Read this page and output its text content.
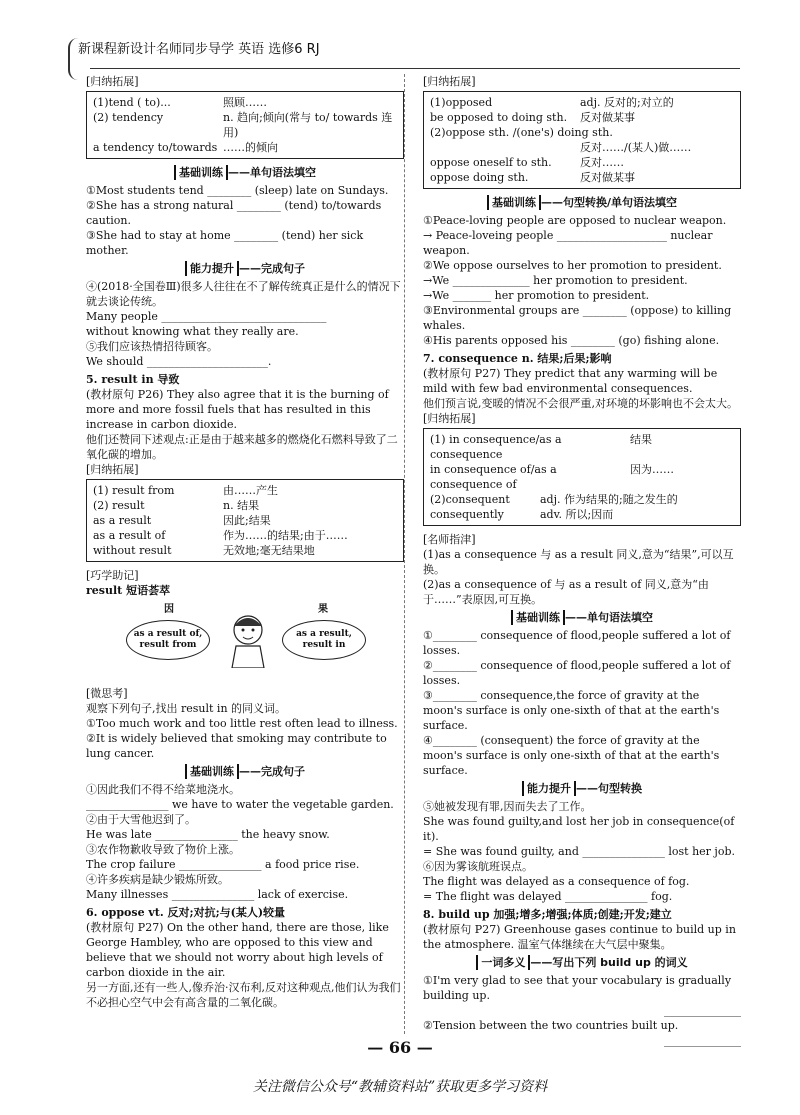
新课程新设计名师同步导学 英语 选修6 RJ
[归纳拓展]
(1)tend ( to)...	照顾……
(2) tendency	n. 趋向;倾向(常与 to/ towards 连用)
a tendency to/towards ……的倾向
基础训练 ——单句语法填空

①Most students tend ________ (sleep) late on Sundays.

②She has a strong natural ________ (tend) to/towards caution.

③She had to stay at home ________ (tend) her sick mother.

能力提升 ——完成句子

④(2018·全国卷Ⅲ)很多人往往在不了解传统真正是什么的情况下就去谈论传统。

Many people ______________________________

without knowing what they really are.

⑤我们应该热情招待顾客。

We should ______________________.

5. result in 导致

(教材原句 P26) They also agree that it is the burning of more and more fossil fuels that has resulted in this increase in carbon dioxide.

他们还赞同下述观点:正是由于越来越多的燃烧化石燃料导致了二氧化碳的增加。

[归纳拓展]
(1) result from	由……产生
(2) result	n. 结果
as a result	因此;结果
as a result of	作为……的结果;由于……
without result	无效地;毫无结果地
[巧学助记]

result 短语荟萃

因	果
as a result of, result from
as a result, result in
[微思考]

观察下列句子,找出 result in 的同义词。

①Too much work and too little rest often lead to illness.

②It is widely believed that smoking may contribute to lung cancer.

基础训练 ——完成句子

①因此我们不得不给菜地浇水。

_______________ we have to water the vegetable garden.

②由于大雪他迟到了。

He was late _______________ the heavy snow.

③农作物歉收导致了物价上涨。

The crop failure _______________ a food price rise.

④许多疾病是缺少锻炼所致。

Many illnesses _______________ lack of exercise.

6. oppose vt. 反对;对抗;与(某人)较量

(教材原句 P27) On the other hand, there are those, like George Hambley, who are opposed to this view and believe that we should not worry about high levels of carbon dioxide in the air.

另一方面,还有一些人,像乔治·汉布利,反对这种观点,他们认为我们不必担心空气中会有高含量的二氧化碳。

[归纳拓展]
(1)opposed	adj. 反对的;对立的
be opposed to doing sth.	反对做某事
(2)oppose sth. /(one's) doing sth.
反对……/(某人)做……
oppose oneself to sth.	反对……
oppose doing sth.	反对做某事
基础训练 ——句型转换/单句语法填空

①Peace-loving people are opposed to nuclear weapon.

→ Peace-loveing people ____________________ nuclear weapon.

②We oppose ourselves to her promotion to president.

→We ______________ her promotion to president.

→We _______ her promotion to president.

③Environmental groups are ________ (oppose) to killing whales.

④His parents opposed his ________ (go) fishing alone.

7. consequence n. 结果;后果;影响

(教材原句 P27) They predict that any warming will be mild with few bad environmental consequences.

他们预言说,变暖的情况不会很严重,对环境的坏影响也不会太大。

[归纳拓展]
(1) in consequence/as a consequence
结果
in consequence of/as a consequence of
因为……
(2)consequent	adj. 作为结果的;随之发生的
consequently	adv. 所以;因而
[名师指津]

(1)as a consequence 与 as a result 同义,意为“结果”,可以互换。

(2)as a consequence of 与 as a result of 同义,意为“由于……”表原因,可互换。

基础训练 ——单句语法填空

①________ consequence of flood,people suffered a lot of losses.

②________ consequence of flood,people suffered a lot of losses.

③________ consequence,the force of gravity at the moon's surface is only one-sixth of that at the earth's surface.

④________ (consequent) the force of gravity at the moon's surface is only one-sixth of that at the earth's surface.

能力提升 ——句型转换

⑤她被发现有罪,因而失去了工作。

She was found guilty,and lost her job in consequence(of it).

= She was found guilty, and _______________ lost her job.

⑥因为雾该航班误点。

The flight was delayed as a consequence of fog.

= The flight was delayed _______________ fog.

8. build up 加强;增多;增强;体质;创建;开发;建立

(教材原句 P27) Greenhouse gases continue to build up in the atmosphere. 温室气体继续在大气层中聚集。

一词多义 ——写出下列 build up 的词义

①I'm very glad to see that your vocabulary is gradually building up.

______________

②Tension between the two countries built up.

______________

— 66 —
关注微信公众号“教辅资料站”获取更多学习资料
